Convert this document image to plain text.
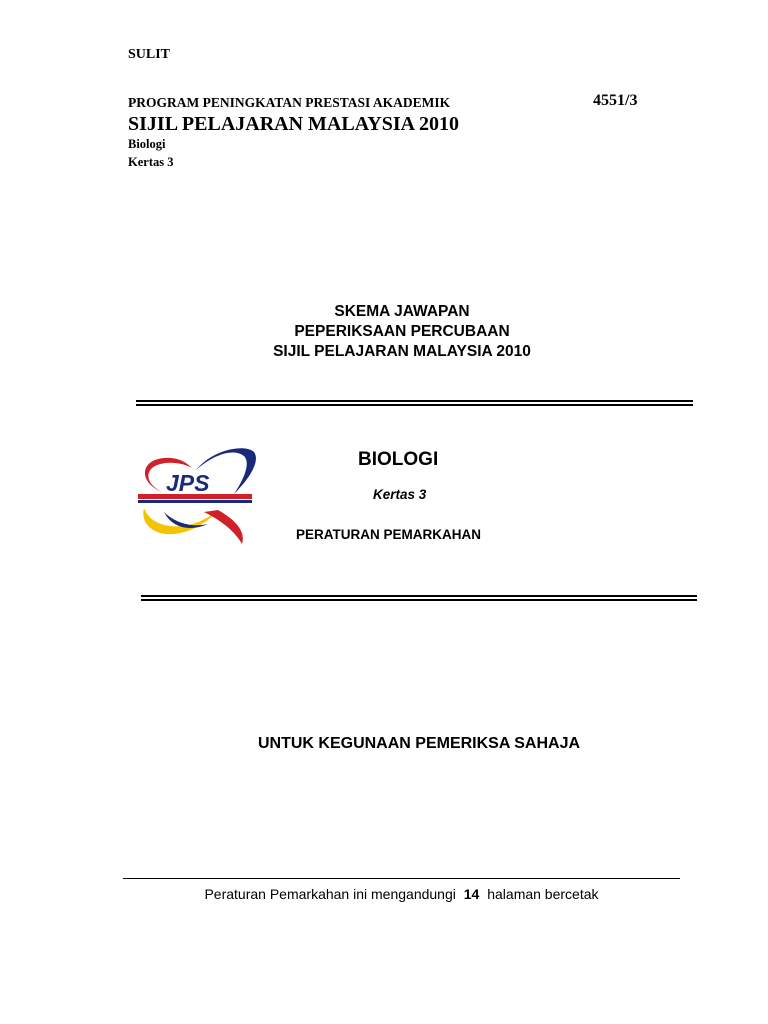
SULIT
PROGRAM PENINGKATAN PRESTASI AKADEMIK	4551/3
SIJIL PELAJARAN MALAYSIA 2010
Biologi
Kertas 3
SKEMA JAWAPAN
PEPERIKSAAN PERCUBAAN
SIJIL PELAJARAN MALAYSIA 2010
JPS
BIOLOGI
Kertas 3
PERATURAN PEMARKAHAN
UNTUK KEGUNAAN PEMERIKSA SAHAJA
Peraturan Pemarkahan ini mengandungi 14 halaman bercetak
